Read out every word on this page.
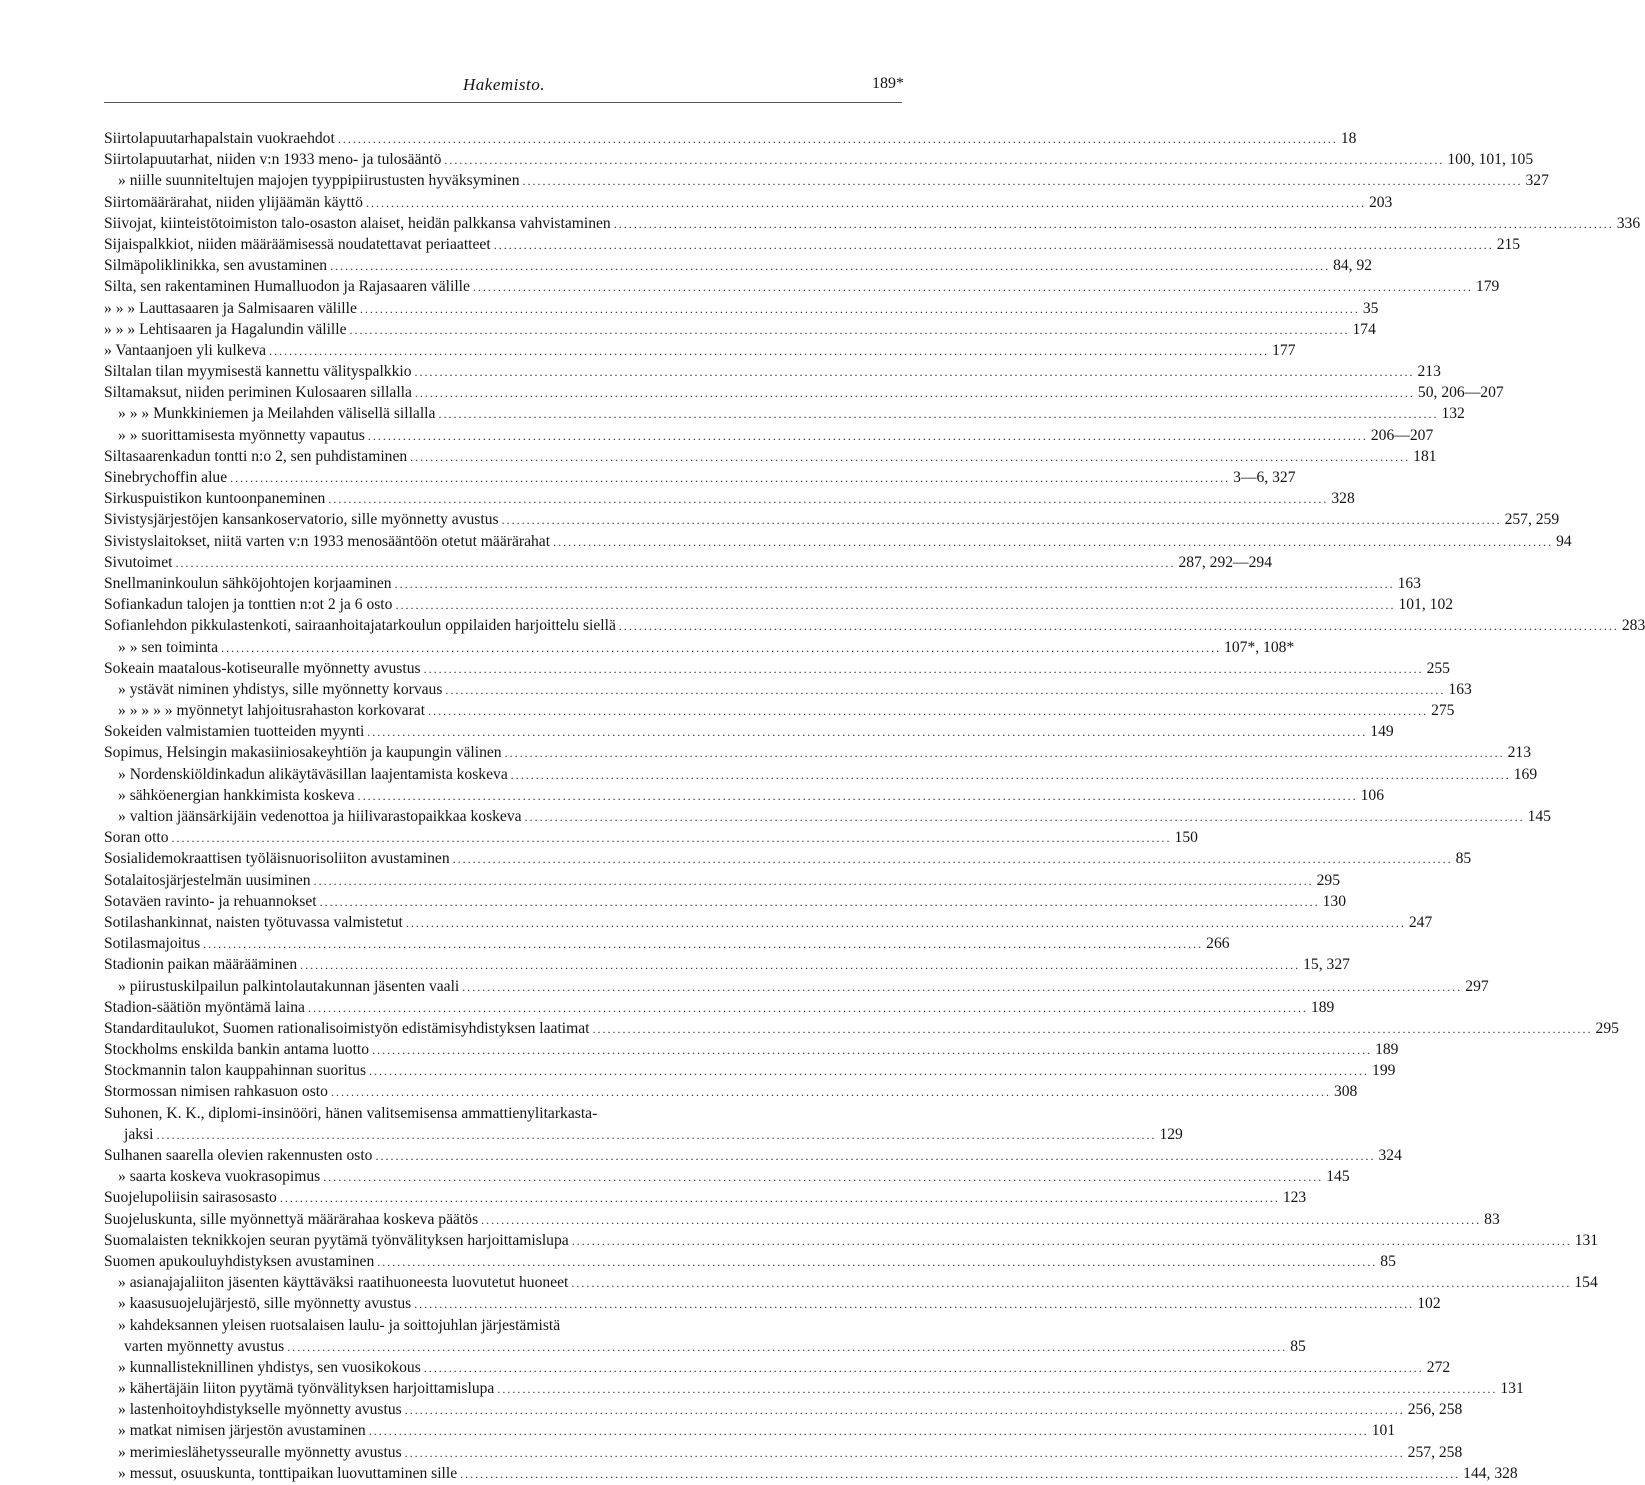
Hakemisto.	189*
Siirtolapuutarhapalstain vuokraehdot ........................................................................................................................................................................................................ 18
Siirtolapuutarhat, niiden v:n 1933 meno- ja tulosääntö ........................................................................................................................................................................................................ 100, 101, 105
» niille suunniteltujen majojen tyyppipiirustusten hyväksyminen ........................................................................................................................................................................................................ 327
Siirtomäärärahat, niiden ylijäämän käyttö ........................................................................................................................................................................................................ 203
Siivojat, kiinteistötoimiston talo-osaston alaiset, heidän palkkansa vahvistaminen ........................................................................................................................................................................................................ 336
Sijaispalkkiot, niiden määräämisessä noudatettavat periaatteet ........................................................................................................................................................................................................ 215
Silmäpoliklinikka, sen avustaminen ........................................................................................................................................................................................................ 84, 92
Silta, sen rakentaminen Humalluodon ja Rajasaaren välille ........................................................................................................................................................................................................ 179
» » » Lauttasaaren ja Salmisaaren välille ........................................................................................................................................................................................................ 35
» » » Lehtisaaren ja Hagalundin välille ........................................................................................................................................................................................................ 174
» Vantaanjoen yli kulkeva ........................................................................................................................................................................................................ 177
Siltalan tilan myymisestä kannettu välityspalkkio ........................................................................................................................................................................................................ 213
Siltamaksut, niiden periminen Kulosaaren sillalla ........................................................................................................................................................................................................ 50, 206—207
» » » Munkkiniemen ja Meilahden välisellä sillalla ........................................................................................................................................................................................................ 132
» » suorittamisesta myönnetty vapautus ........................................................................................................................................................................................................ 206—207
Siltasaarenkadun tontti n:o 2, sen puhdistaminen ........................................................................................................................................................................................................ 181
Sinebrychoffin alue ........................................................................................................................................................................................................ 3—6, 327
Sirkuspuistikon kuntoonpaneminen ........................................................................................................................................................................................................ 328
Sivistysjärjestöjen kansankoservatorio, sille myönnetty avustus ........................................................................................................................................................................................................ 257, 259
Sivistyslaitokset, niitä varten v:n 1933 menosääntöön otetut määrärahat ........................................................................................................................................................................................................ 94
Sivutoimet ........................................................................................................................................................................................................ 287, 292—294
Snellmaninkoulun sähköjohtojen korjaaminen ........................................................................................................................................................................................................ 163
Sofiankadun talojen ja tonttien n:ot 2 ja 6 osto ........................................................................................................................................................................................................ 101, 102
Sofianlehdon pikkulastenkoti, sairaanhoitajatarkoulun oppilaiden harjoittelu siellä ........................................................................................................................................................................................................ 283
» » sen toiminta ........................................................................................................................................................................................................ 107*, 108*
Sokeain maatalous-kotiseuralle myönnetty avustus ........................................................................................................................................................................................................ 255
» ystävät niminen yhdistys, sille myönnetty korvaus ........................................................................................................................................................................................................ 163
» » » » » myönnetyt lahjoitusrahaston korkovarat ........................................................................................................................................................................................................ 275
Sokeiden valmistamien tuotteiden myynti ........................................................................................................................................................................................................ 149
Sopimus, Helsingin makasiiniosakeyhtiön ja kaupungin välinen ........................................................................................................................................................................................................ 213
» Nordenskiöldinkadun alikäytäväsillan laajentamista koskeva ........................................................................................................................................................................................................ 169
» sähköenergian hankkimista koskeva ........................................................................................................................................................................................................ 106
» valtion jäänsärkijäin vedenottoa ja hiilivarastopaikkaa koskeva ........................................................................................................................................................................................................ 145
Soran otto ........................................................................................................................................................................................................ 150
Sosialidemokraattisen työläisnuorisoliiton avustaminen ........................................................................................................................................................................................................ 85
Sotalaitosjärjestelmän uusiminen ........................................................................................................................................................................................................ 295
Sotaväen ravinto- ja rehuannokset ........................................................................................................................................................................................................ 130
Sotilashankinnat, naisten työtuvassa valmistetut ........................................................................................................................................................................................................ 247
Sotilasmajoitus ........................................................................................................................................................................................................ 266
Stadionin paikan määrääminen ........................................................................................................................................................................................................ 15, 327
» piirustuskilpailun palkintolautakunnan jäsenten vaali ........................................................................................................................................................................................................ 297
Stadion-säätiön myöntämä laina ........................................................................................................................................................................................................ 189
Standarditaulukot, Suomen rationalisoimistyön edistämisyhdistyksen laatimat ........................................................................................................................................................................................................ 295
Stockholms enskilda bankin antama luotto ........................................................................................................................................................................................................ 189
Stockmannin talon kauppahinnan suoritus ........................................................................................................................................................................................................ 199
Stormossan nimisen rahkasuon osto ........................................................................................................................................................................................................ 308
Suhonen, K. K., diplomi-insinööri, hänen valitsemisensa ammattienylitarkasta-
jaksi ........................................................................................................................................................................................................ 129
Sulhanen saarella olevien rakennusten osto ........................................................................................................................................................................................................ 324
» saarta koskeva vuokrasopimus ........................................................................................................................................................................................................ 145
Suojelupoliisin sairasosasto ........................................................................................................................................................................................................ 123
Suojeluskunta, sille myönnettyä määrärahaa koskeva päätös ........................................................................................................................................................................................................ 83
Suomalaisten teknikkojen seuran pyytämä työnvälityksen harjoittamislupa ........................................................................................................................................................................................................ 131
Suomen apukouluyhdistyksen avustaminen ........................................................................................................................................................................................................ 85
» asianajajaliiton jäsenten käyttäväksi raatihuoneesta luovutetut huoneet ........................................................................................................................................................................................................ 154
» kaasusuojelujärjestö, sille myönnetty avustus ........................................................................................................................................................................................................ 102
» kahdeksannen yleisen ruotsalaisen laulu- ja soittojuhlan järjestämistä
varten myönnetty avustus ........................................................................................................................................................................................................ 85
» kunnallisteknillinen yhdistys, sen vuosikokous ........................................................................................................................................................................................................ 272
» kähertäjäin liiton pyytämä työnvälityksen harjoittamislupa ........................................................................................................................................................................................................ 131
» lastenhoitoyhdistykselle myönnetty avustus ........................................................................................................................................................................................................ 256, 258
» matkat nimisen järjestön avustaminen ........................................................................................................................................................................................................ 101
» merimieslähetysseuralle myönnetty avustus ........................................................................................................................................................................................................ 257, 258
» messut, osuuskunta, tonttipaikan luovuttaminen sille ........................................................................................................................................................................................................ 144, 328
